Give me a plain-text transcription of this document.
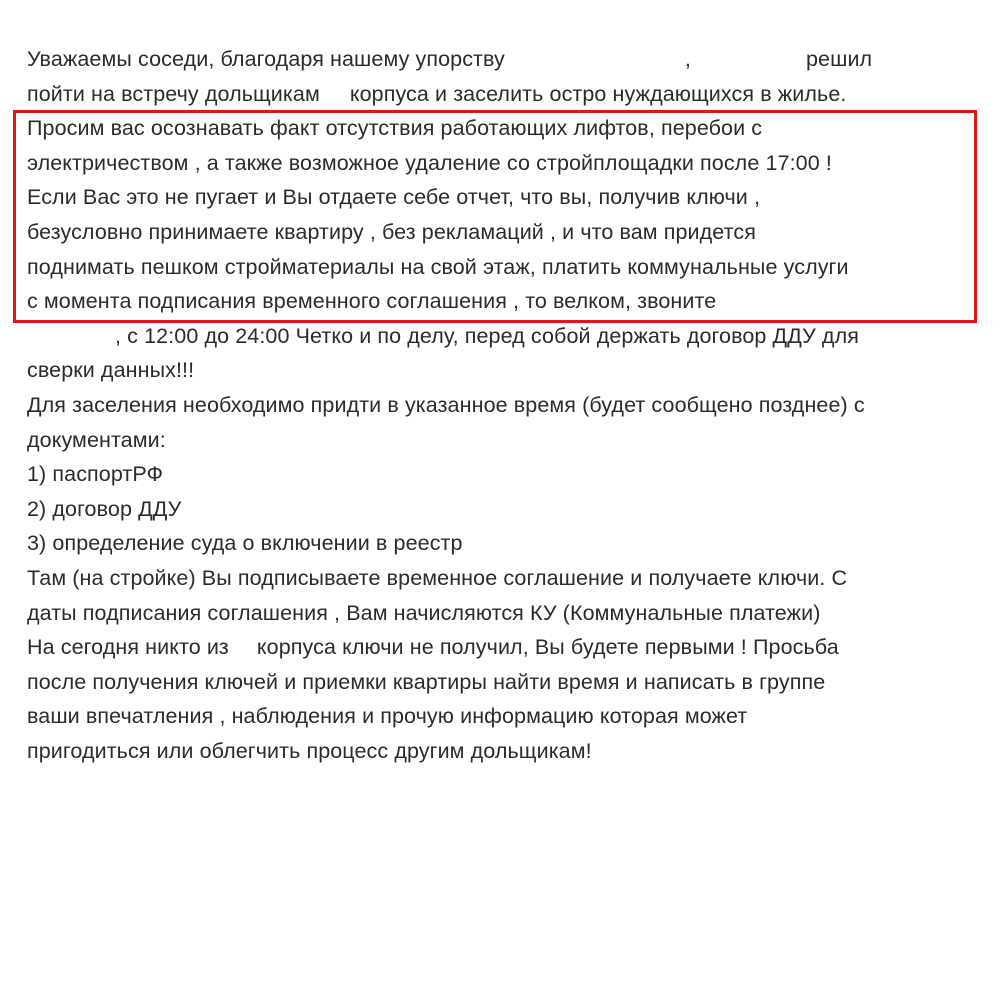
Уважаемы соседи, благодаря нашему упорству	,	решил
пойти на встречу дольщикам корпуса и заселить остро нуждающихся в жилье.
Просим вас осознавать факт отсутствия работающих лифтов, перебои с
электричеством , а также возможное удаление со стройплощадки после 17:00 !
Если Вас это не пугает и Вы отдаете себе отчет, что вы, получив ключи ,
безусловно принимаете квартиру , без рекламаций , и что вам придется
поднимать пешком стройматериалы на свой этаж, платить коммунальные услуги
с момента подписания временного соглашения , то велком, звоните
, с 12:00 до 24:00 Четко и по делу, перед собой держать договор ДДУ для
сверки данных!!!
Для заселения необходимо придти в указанное время (будет сообщено позднее) с
документами:
1) паспортРФ
2) договор ДДУ
3) определение суда о включении в реестр
Там (на стройке) Вы подписываете временное соглашение и получаете ключи. С
даты подписания соглашения , Вам начисляются КУ (Коммунальные платежи)
На сегодня никто из корпуса ключи не получил, Вы будете первыми ! Просьба
после получения ключей и приемки квартиры найти время и написать в группе
ваши впечатления , наблюдения и прочую информацию которая может
пригодиться или облегчить процесс другим дольщикам!
